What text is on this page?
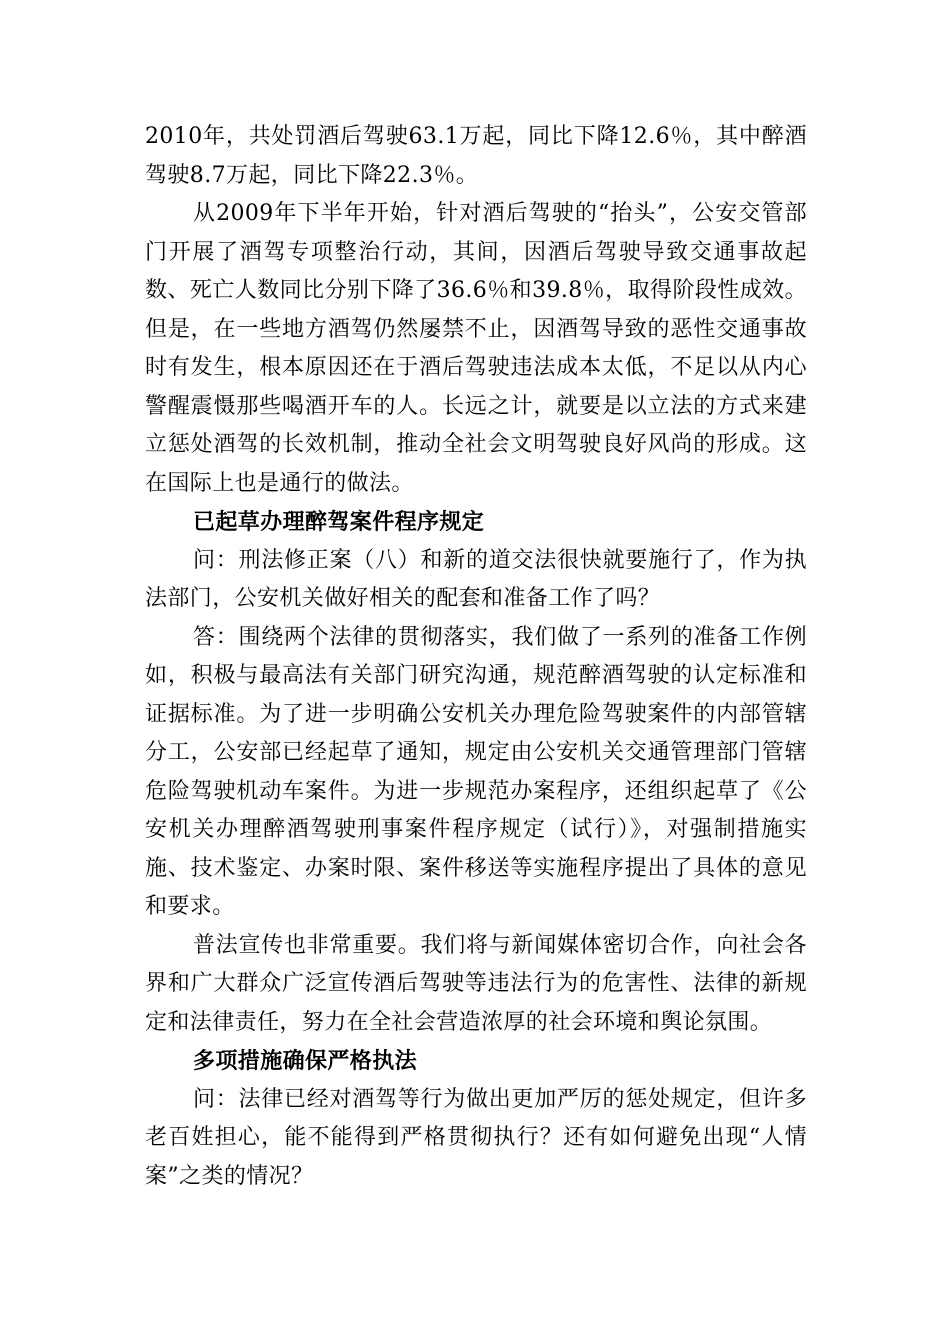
2010年，共处罚酒后驾驶63.1万起，同比下降12.6％，其中醉酒驾驶8.7万起，同比下降22.3％。

从2009年下半年开始，针对酒后驾驶的“抬头”，公安交管部门开展了酒驾专项整治行动，其间，因酒后驾驶导致交通事故起数、死亡人数同比分别下降了36.6％和39.8％，取得阶段性成效。但是，在一些地方酒驾仍然屡禁不止，因酒驾导致的恶性交通事故时有发生，根本原因还在于酒后驾驶违法成本太低，不足以从内心警醒震慑那些喝酒开车的人。长远之计，就要是以立法的方式来建立惩处酒驾的长效机制，推动全社会文明驾驶良好风尚的形成。这在国际上也是通行的做法。

已起草办理醉驾案件程序规定

问：刑法修正案（八）和新的道交法很快就要施行了，作为执法部门，公安机关做好相关的配套和准备工作了吗？

答：围绕两个法律的贯彻落实，我们做了一系列的准备工作例如，积极与最高法有关部门研究沟通，规范醉酒驾驶的认定标准和证据标准。为了进一步明确公安机关办理危险驾驶案件的内部管辖分工，公安部已经起草了通知，规定由公安机关交通管理部门管辖危险驾驶机动车案件。为进一步规范办案程序，还组织起草了《公安机关办理醉酒驾驶刑事案件程序规定（试行）》，对强制措施实施、技术鉴定、办案时限、案件移送等实施程序提出了具体的意见和要求。

普法宣传也非常重要。我们将与新闻媒体密切合作，向社会各界和广大群众广泛宣传酒后驾驶等违法行为的危害性、法律的新规定和法律责任，努力在全社会营造浓厚的社会环境和舆论氛围。

多项措施确保严格执法

问：法律已经对酒驾等行为做出更加严厉的惩处规定，但许多老百姓担心，能不能得到严格贯彻执行？还有如何避免出现“人情案”之类的情况？
